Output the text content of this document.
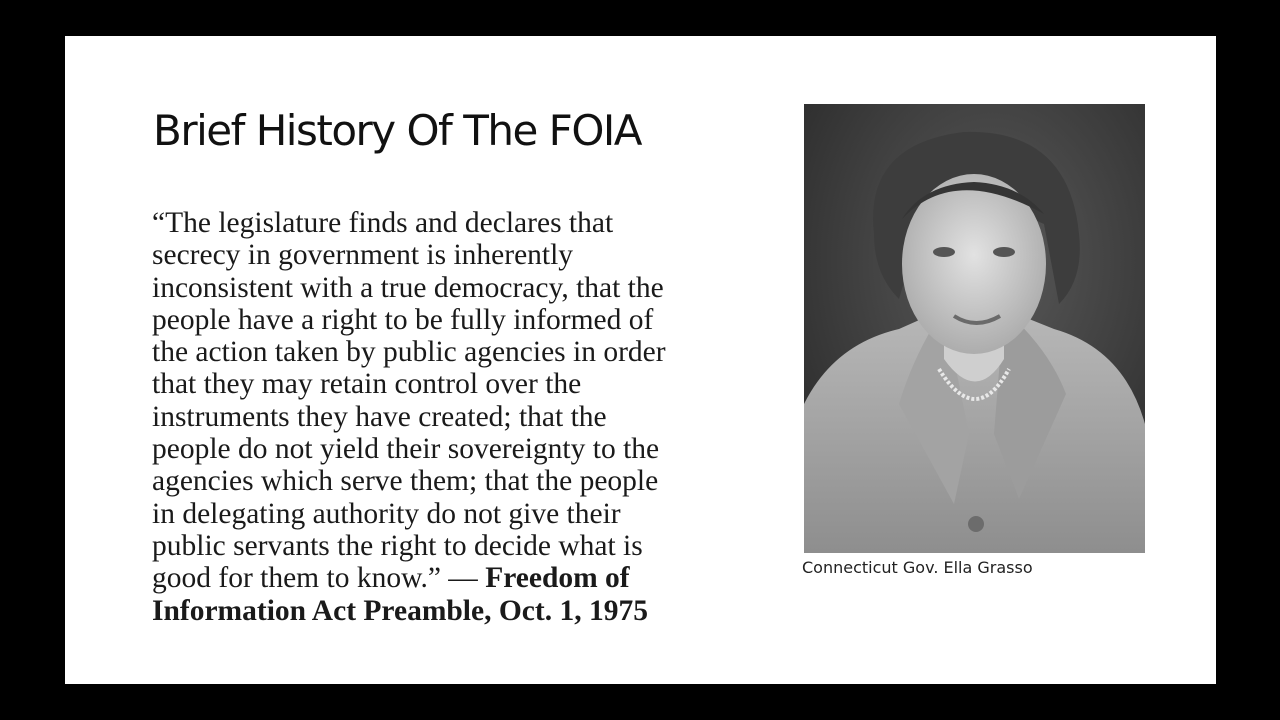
Brief History Of The FOIA
“The legislature finds and declares that
secrecy in government is inherently
inconsistent with a true democracy, that the
people have a right to be fully informed of
the action taken by public agencies in order
that they may retain control over the
instruments they have created; that the
people do not yield their sovereignty to the
agencies which serve them; that the people
in delegating authority do not give their
public servants the right to decide what is
good for them to know.” — Freedom of
Information Act Preamble, Oct. 1, 1975
Connecticut Gov. Ella Grasso
